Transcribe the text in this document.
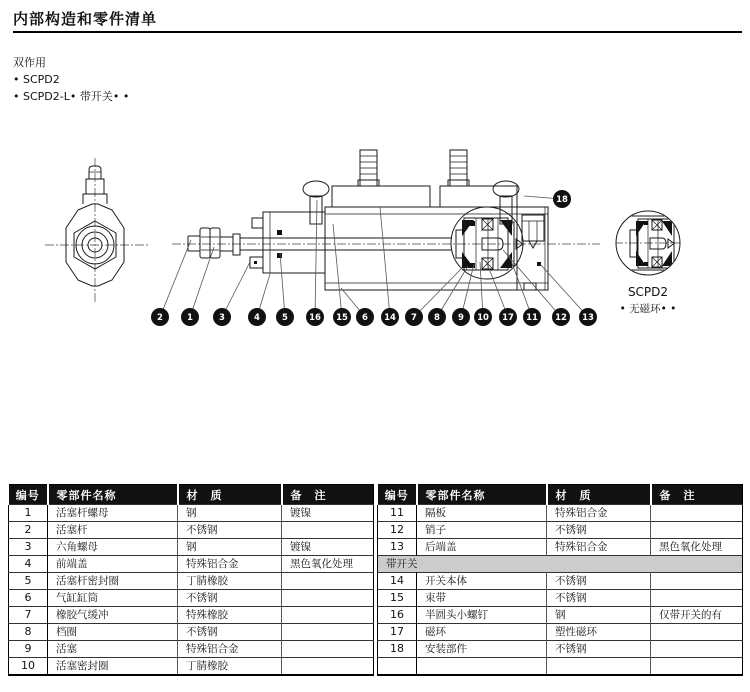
内部构造和零件清单
双作用
• SCPD2
• SCPD2-L• 带开关• •
SCPD2
• 无磁环• •
2	1	3	4	5 16 15 6 14 7 8 9 10 17 11 12 13
18
编号	零部件名称	材　质	备　注
1	活塞杆螺母	钢	镀镍
2	活塞杆	不锈钢	
3	六角螺母	钢	镀镍
4	前端盖	特殊铝合金	黑色氧化处理
5	活塞杆密封圈	丁腈橡胶	
6	气缸缸筒	不锈钢	
7	橡胶气缓冲	特殊橡胶	
8	档圈	不锈钢	
9	活塞	特殊铝合金	
10	活塞密封圈	丁腈橡胶	
编号	零部件名称	材　质	备　注
11	隔板	特殊铝合金	
12	销子	不锈钢	
13	后端盖	特殊铝合金	黑色氧化处理
带开关			
14	开关本体	不锈钢	
15	束带	不锈钢	
16	半圆头小螺钉	钢	仅带开关的有
17	磁环	塑性磁环	
18	安装部件	不锈钢	
